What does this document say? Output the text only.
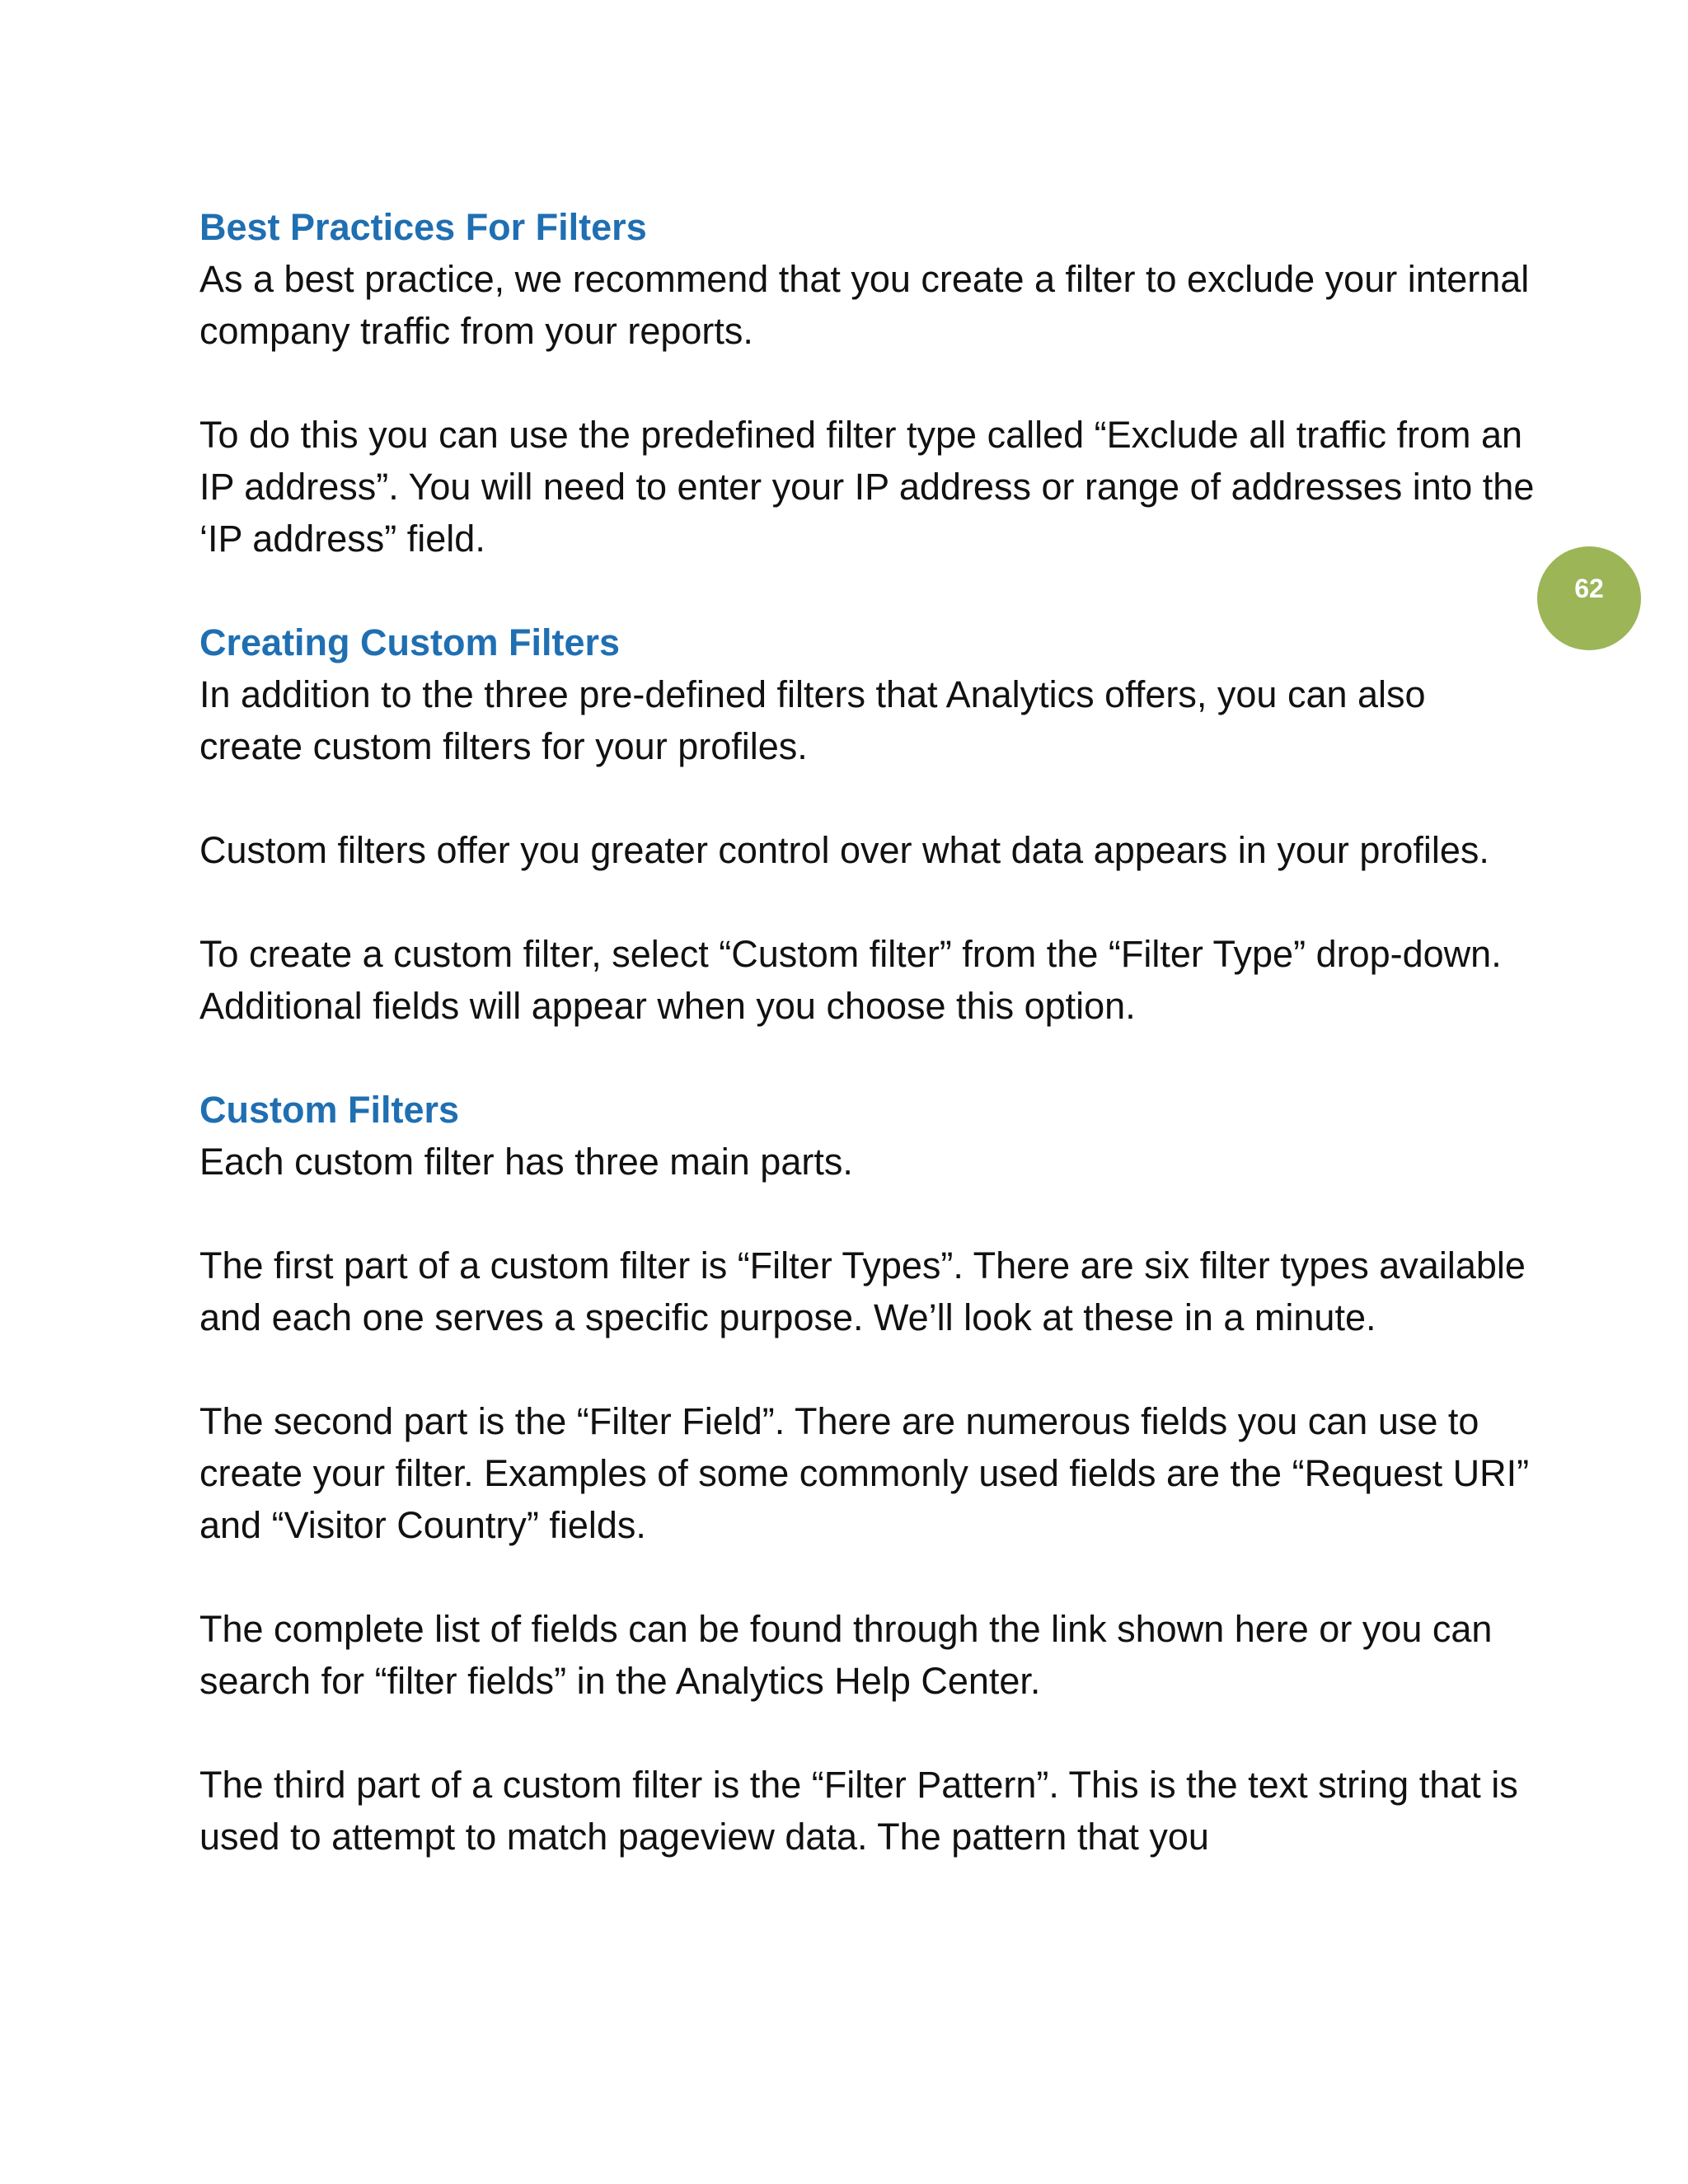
Best Practices For Filters

As a best practice, we recommend that you create a filter to exclude your internal company traffic from your reports.

To do this you can use the predefined filter type called “Exclude all traffic from an IP address”. You will need to enter your IP address or range of addresses into the ‘IP address” field.

Creating Custom Filters

In addition to the three pre-defined filters that Analytics offers, you can also create custom filters for your profiles.

Custom filters offer you greater control over what data appears in your profiles.

To create a custom filter, select “Custom filter” from the “Filter Type” drop-down. Additional fields will appear when you choose this option.

Custom Filters

Each custom filter has three main parts.

The first part of a custom filter is “Filter Types”. There are six filter types available and each one serves a specific purpose. We’ll look at these in a minute.

The second part is the “Filter Field”. There are numerous fields you can use to create your filter. Examples of some commonly used fields are the “Request URI” and “Visitor Country” fields.

The complete list of fields can be found through the link shown here or you can search for “filter fields” in the Analytics Help Center.

The third part of a custom filter is the “Filter Pattern”. This is the text string that is used to attempt to match pageview data. The pattern that you

62
